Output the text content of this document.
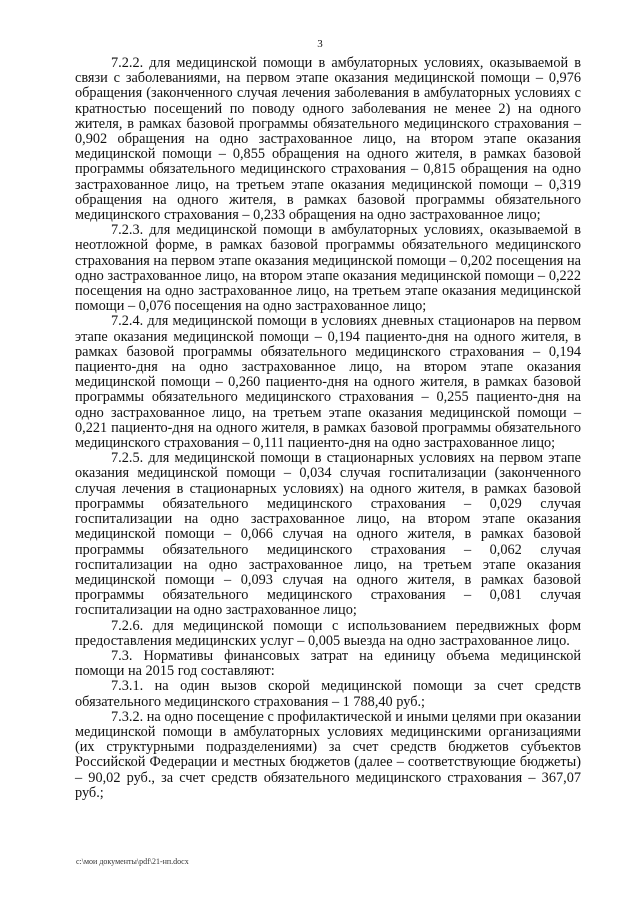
3

7.2.2. для медицинской помощи в амбулаторных условиях, оказываемой в связи с заболеваниями, на первом этапе оказания медицинской помощи – 0,976 обращения (законченного случая лечения заболевания в амбулаторных условиях с кратностью посещений по поводу одного заболевания не менее 2) на одного жителя, в рамках базовой программы обязательного медицинского страхования – 0,902 обращения на одно застрахованное лицо, на втором этапе оказания медицинской помощи – 0,855 обращения на одного жителя, в рамках базовой программы обязательного медицинского страхования – 0,815 обращения на одно застрахованное лицо, на третьем этапе оказания медицинской помощи – 0,319 обращения на одного жителя, в рамках базовой программы обязательного медицинского страхования – 0,233 обращения на одно застрахованное лицо;

7.2.3. для медицинской помощи в амбулаторных условиях, оказываемой в неотложной форме, в рамках базовой программы обязательного медицинского страхования на первом этапе оказания медицинской помощи – 0,202 посещения на одно застрахованное лицо, на втором этапе оказания медицинской помощи – 0,222 посещения на одно застрахованное лицо, на третьем этапе оказания медицинской помощи – 0,076 посещения на одно застрахованное лицо;

7.2.4. для медицинской помощи в условиях дневных стационаров на первом этапе оказания медицинской помощи – 0,194 пациенто-дня на одного жителя, в рамках базовой программы обязательного медицинского страхования – 0,194 пациенто-дня на одно застрахованное лицо, на втором этапе оказания медицинской помощи – 0,260 пациенто-дня на одного жителя, в рамках базовой программы обязательного медицинского страхования – 0,255 пациенто-дня на одно застрахованное лицо, на третьем этапе оказания медицинской помощи – 0,221 пациенто-дня на одного жителя, в рамках базовой программы обязательного медицинского страхования – 0,111 пациенто-дня на одно застрахованное лицо;

7.2.5. для медицинской помощи в стационарных условиях на первом этапе оказания медицинской помощи – 0,034 случая госпитализации (законченного случая лечения в стационарных условиях) на одного жителя, в рамках базовой программы обязательного медицинского страхования – 0,029 случая госпитализации на одно застрахованное лицо, на втором этапе оказания медицинской помощи – 0,066 случая на одного жителя, в рамках базовой программы обязательного медицинского страхования – 0,062 случая госпитализации на одно застрахованное лицо, на третьем этапе оказания медицинской помощи – 0,093 случая на одного жителя, в рамках базовой программы обязательного медицинского страхования – 0,081 случая госпитализации на одно застрахованное лицо;

7.2.6. для медицинской помощи с использованием передвижных форм предоставления медицинских услуг – 0,005 выезда на одно застрахованное лицо.

7.3. Нормативы финансовых затрат на единицу объема медицинской помощи на 2015 год составляют:

7.3.1. на один вызов скорой медицинской помощи за счет средств обязательного медицинского страхования – 1 788,40 руб.;

7.3.2. на одно посещение с профилактической и иными целями при оказании медицинской помощи в амбулаторных условиях медицинскими организациями (их структурными подразделениями) за счет средств бюджетов субъектов Российской Федерации и местных бюджетов (далее – соответствующие бюджеты) – 90,02 руб., за счет средств обязательного медицинского страхования – 367,07 руб.;

c:\мои документы\pdf\21-нп.docx
